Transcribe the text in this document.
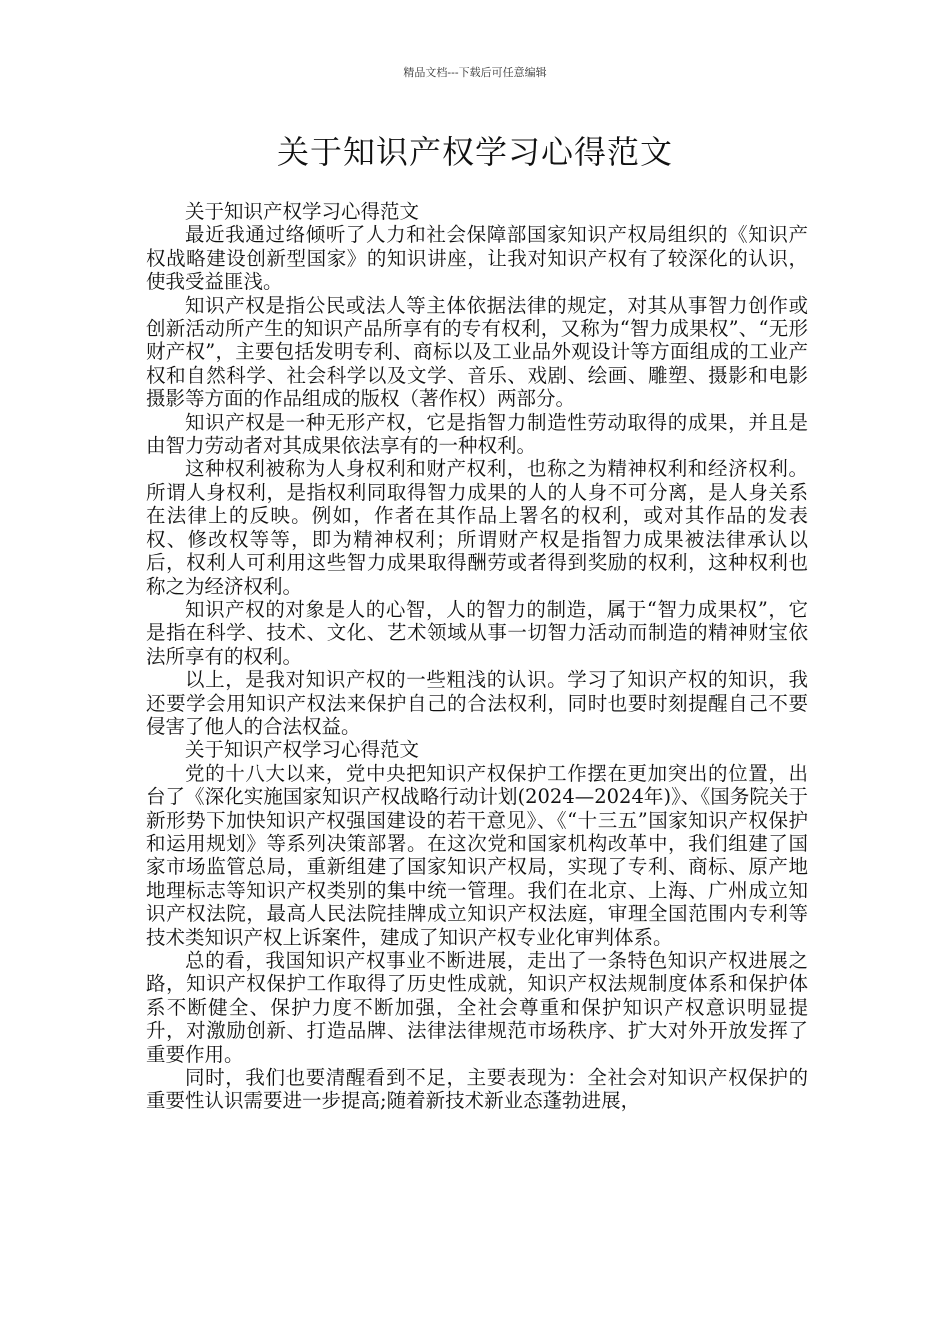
精品文档---下载后可任意编辑
关于知识产权学习心得范文

关于知识产权学习心得范文

最近我通过络倾听了人力和社会保障部国家知识产权局组织的《知识产权战略建设创新型国家》的知识讲座，让我对知识产权有了较深化的认识，使我受益匪浅。

知识产权是指公民或法人等主体依据法律的规定，对其从事智力创作或创新活动所产生的知识产品所享有的专有权利，又称为“智力成果权”、“无形财产权”，主要包括发明专利、商标以及工业品外观设计等方面组成的工业产权和自然科学、社会科学以及文学、音乐、戏剧、绘画、雕塑、摄影和电影摄影等方面的作品组成的版权（著作权）两部分。

知识产权是一种无形产权，它是指智力制造性劳动取得的成果，并且是由智力劳动者对其成果依法享有的一种权利。

这种权利被称为人身权利和财产权利，也称之为精神权利和经济权利。所谓人身权利，是指权利同取得智力成果的人的人身不可分离，是人身关系在法律上的反映。例如，作者在其作品上署名的权利，或对其作品的发表权、修改权等等，即为精神权利；所谓财产权是指智力成果被法律承认以后，权利人可利用这些智力成果取得酬劳或者得到奖励的权利，这种权利也称之为经济权利。

知识产权的对象是人的心智，人的智力的制造，属于“智力成果权”，它是指在科学、技术、文化、艺术领域从事一切智力活动而制造的精神财宝依法所享有的权利。

以上，是我对知识产权的一些粗浅的认识。学习了知识产权的知识，我还要学会用知识产权法来保护自己的合法权利，同时也要时刻提醒自己不要侵害了他人的合法权益。

关于知识产权学习心得范文

党的十八大以来，党中央把知识产权保护工作摆在更加突出的位置，出台了《深化实施国家知识产权战略行动计划(2024—2024年)》、《国务院关于新形势下加快知识产权强国建设的若干意见》、《“十三五”国家知识产权保护和运用规划》等系列决策部署。在这次党和国家机构改革中，我们组建了国家市场监管总局，重新组建了国家知识产权局，实现了专利、商标、原产地地理标志等知识产权类别的集中统一管理。我们在北京、上海、广州成立知识产权法院，最高人民法院挂牌成立知识产权法庭，审理全国范围内专利等技术类知识产权上诉案件，建成了知识产权专业化审判体系。

总的看，我国知识产权事业不断进展，走出了一条特色知识产权进展之路，知识产权保护工作取得了历史性成就，知识产权法规制度体系和保护体系不断健全、保护力度不断加强，全社会尊重和保护知识产权意识明显提升，对激励创新、打造品牌、法律法律规范市场秩序、扩大对外开放发挥了重要作用。

同时，我们也要清醒看到不足，主要表现为：全社会对知识产权保护的重要性认识需要进一步提高;随着新技术新业态蓬勃进展，
